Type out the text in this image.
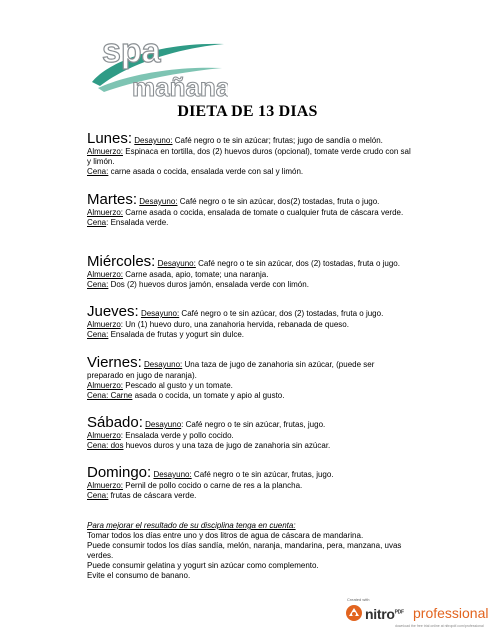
spa
mañana
DIETA DE 13 DIAS
Lunes: Desayuno: Café negro o te sin azúcar; frutas; jugo de sandía o melón.
Almuerzo: Espinaca en tortilla, dos (2) huevos duros (opcional), tomate verde crudo con sal y limón.
Cena: carne asada o cocida, ensalada verde con sal y limón.
Martes: Desayuno: Café negro o te sin azúcar, dos(2) tostadas, fruta o jugo.
Almuerzo: Carne asada o cocida, ensalada de tomate o cualquier fruta de cáscara verde.
Cena: Ensalada verde.
Miércoles: Desayuno: Café negro o te sin azúcar, dos (2) tostadas, fruta o jugo.
Almuerzo: Carne asada, apio, tomate; una naranja.
Cena: Dos (2) huevos duros jamón, ensalada verde con limón.
Jueves: Desayuno: Café negro o te sin azúcar, dos (2) tostadas, fruta o jugo.
Almuerzo: Un (1) huevo duro, una zanahoria hervida, rebanada de queso.
Cena: Ensalada de frutas y yogurt sin dulce.
Viernes: Desayuno: Una taza de jugo de zanahoria sin azúcar, (puede ser preparado en jugo de naranja).
Almuerzo: Pescado al gusto y un tomate.
Cena: Carne asada o cocida, un tomate y apio al gusto.
Sábado: Desayuno: Café negro o te sin azúcar, frutas, jugo.
Almuerzo: Ensalada verde y pollo cocido.
Cena: dos huevos duros y una taza de jugo de zanahoria sin azúcar.
Domingo: Desayuno: Café negro o te sin azúcar, frutas, jugo.
Almuerzo: Pernil de pollo cocido o carne de res a la plancha.
Cena: frutas de cáscara verde.
Para mejorar el resultado de su disciplina tenga en cuenta:
Tomar todos los días entre uno y dos litros de agua de cáscara de mandarina.
Puede consumir todos los días sandía, melón, naranja, mandarina, pera, manzana, uvas verdes.
Puede consumir gelatina y yogurt sin azúcar como complemento.
Evite el consumo de banano.
Created with
nitro$^{PDF}$ professional
download the free trial online at nitropdf.com/professional
